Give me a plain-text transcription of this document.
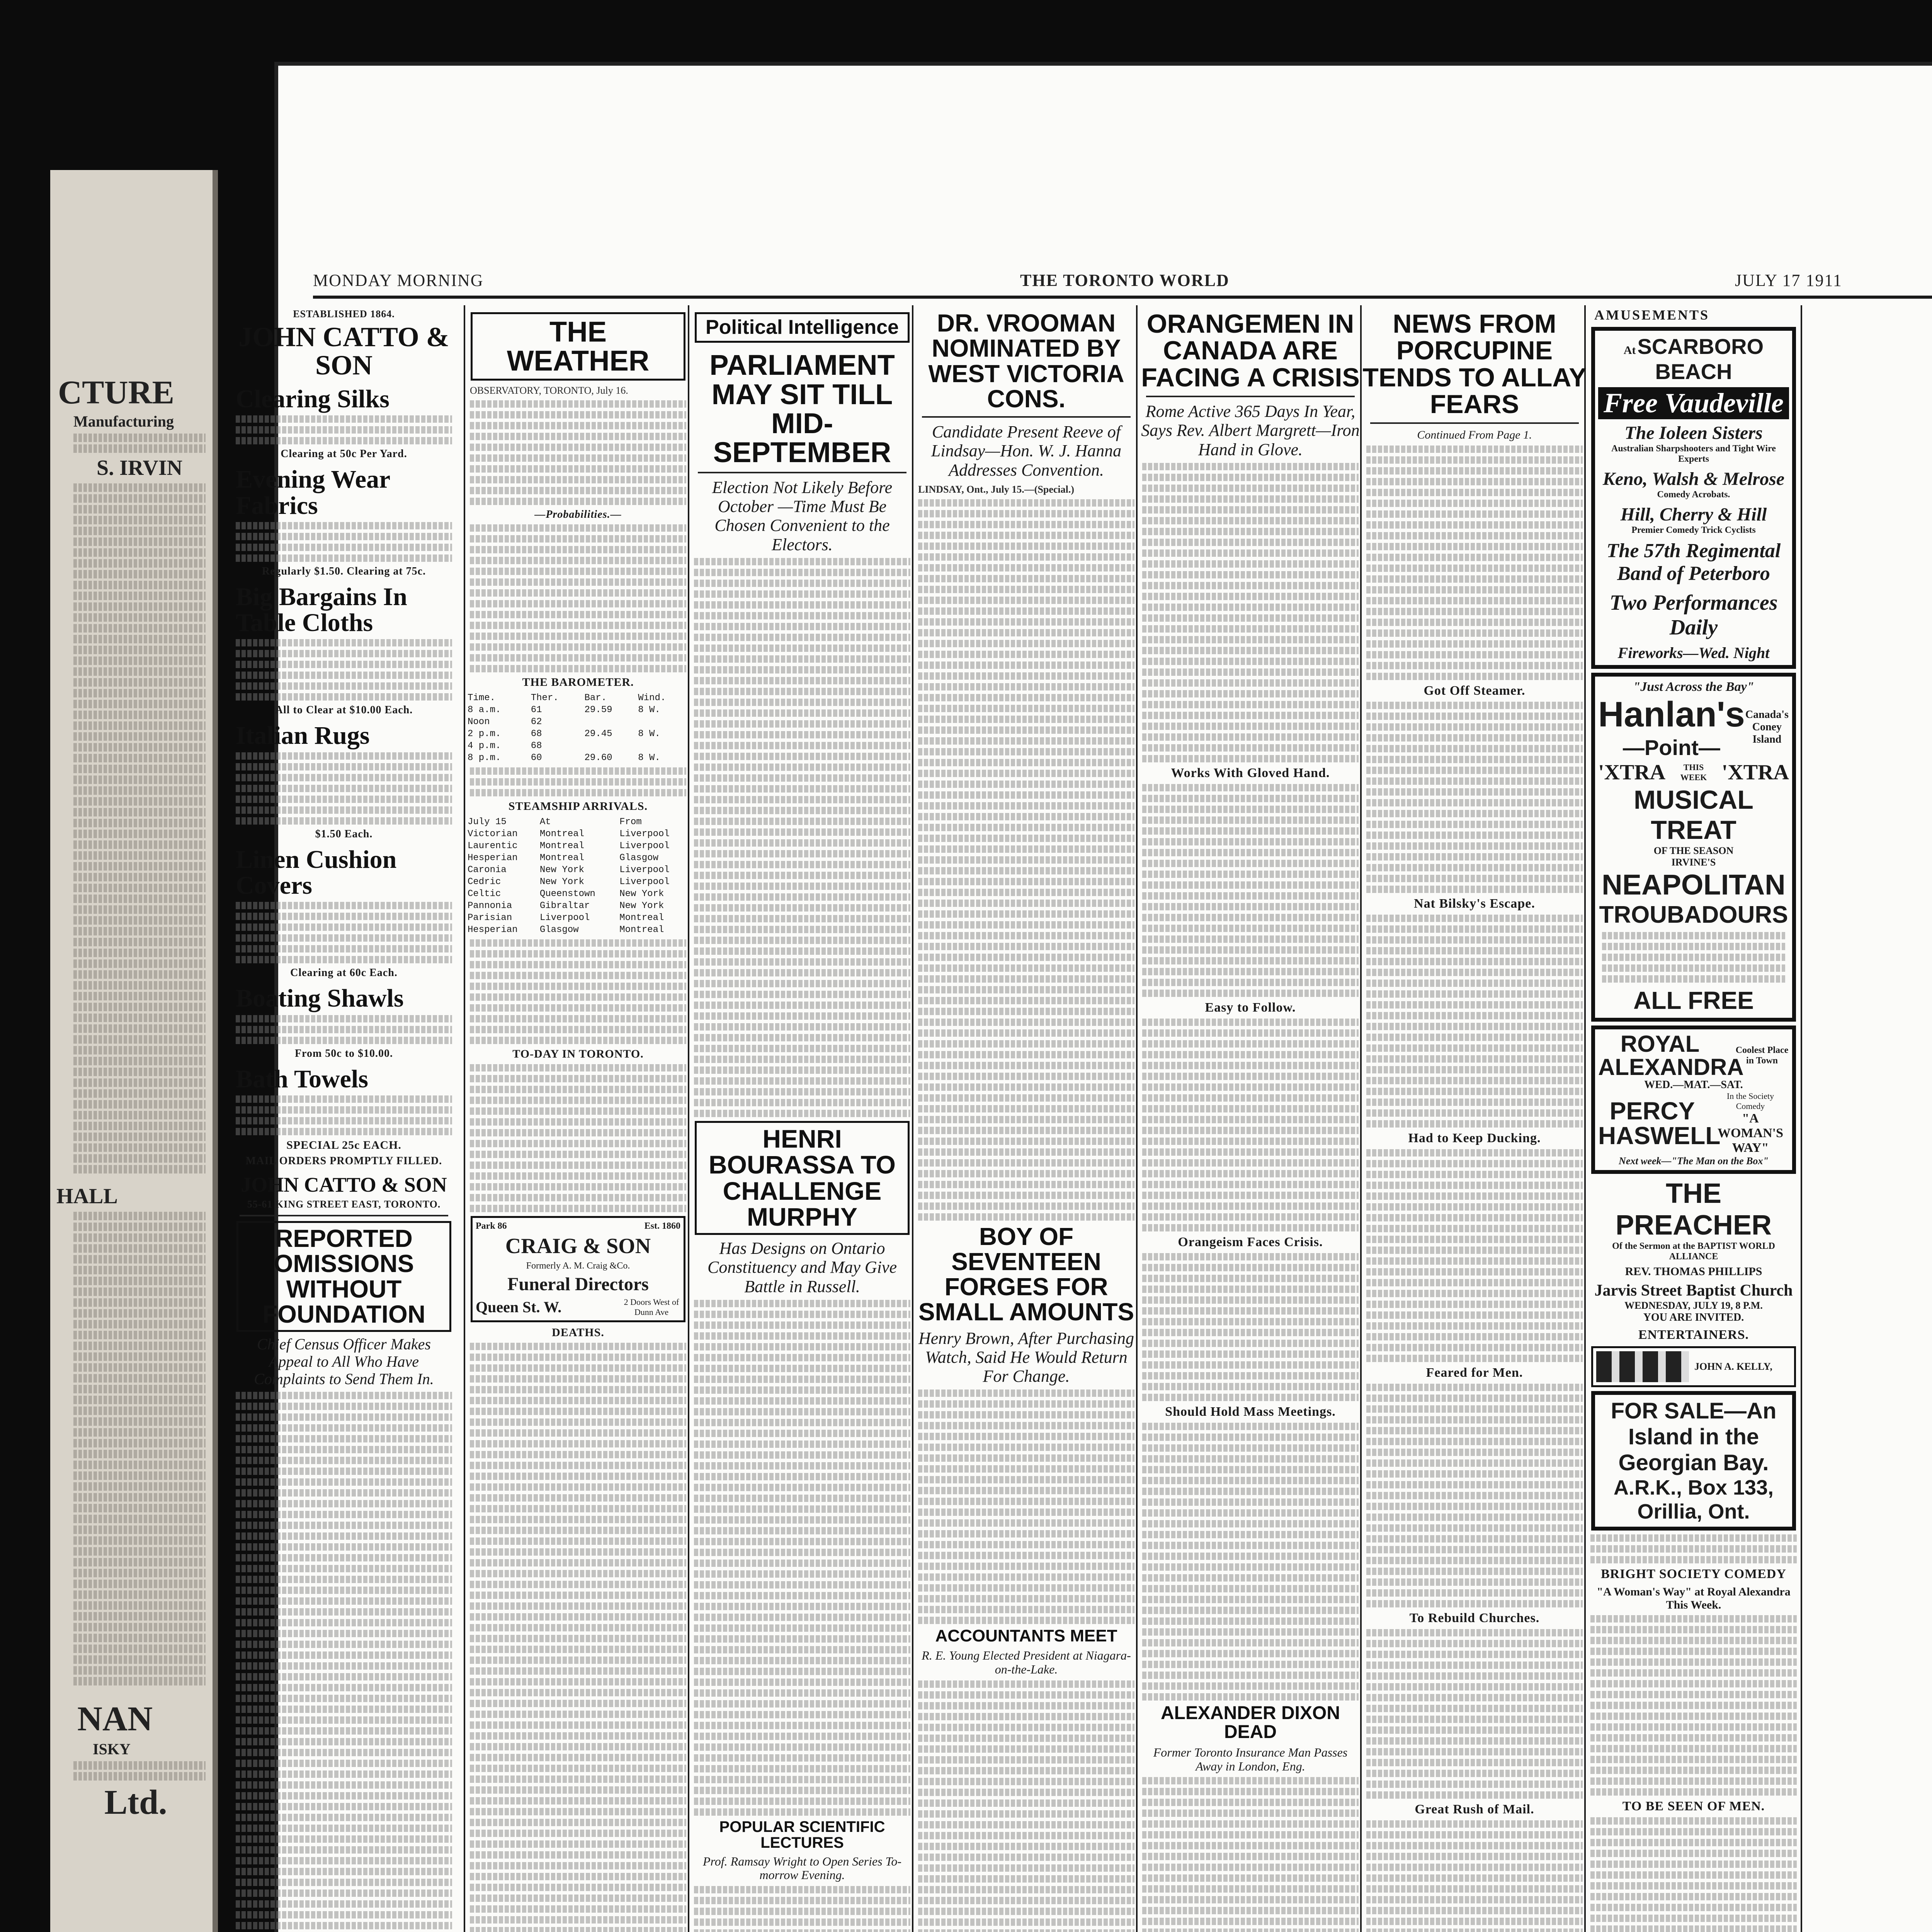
CTURE
Manufacturing
S. IRVIN
HALL
NAN
ISKY
Ltd.
MONDAY MORNING	THE TORONTO WORLD	JULY 17 1911
ESTABLISHED 1864.
JOHN CATTO & SON
Clearing Silks
Clearing at 50c Per Yard.
Evening Wear Fabrics
Regularly $1.50. Clearing at 75c.
Big Bargains In Table Cloths
All to Clear at $10.00 Each.
Italian Rugs
$1.50 Each.
Linen Cushion Covers
Clearing at 60c Each.
Boating Shawls
From 50c to $10.00.
Bath Towels
SPECIAL 25c EACH.
MAIL ORDERS PROMPTLY FILLED.
JOHN CATTO & SON
55-61 KING STREET EAST, TORONTO.
REPORTED OMISSIONS WITHOUT FOUNDATION
Chief Census Officer Makes Appeal to All Who Have Complaints to Send Them In.
THE WEATHER
OBSERVATORY, TORONTO, July 16.
—Probabilities.—
THE BAROMETER.
Time.	Ther.	Bar.	Wind.
8 a.m.	61	29.59	8 W.
Noon	62		
2 p.m.	68	29.45	8 W.
4 p.m.	68		
8 p.m.	60	29.60	8 W.
STEAMSHIP ARRIVALS.
July 15	At	From
Victorian	Montreal	Liverpool
Laurentic	Montreal	Liverpool
Hesperian	Montreal	Glasgow
Caronia	New York	Liverpool
Cedric	New York	Liverpool
Celtic	Queenstown	New York
Pannonia	Gibraltar	New York
Parisian	Liverpool	Montreal
Hesperian	Glasgow	Montreal
TO-DAY IN TORONTO.
Park 86	Est. 1860
CRAIG & SON
Formerly A. M. Craig &Co.
Funeral Directors
Queen St. W.	2 Doors West of Dunn Ave
DEATHS.
Political Intelligence
PARLIAMENT MAY SIT TILL MID-SEPTEMBER
Election Not Likely Before October —Time Must Be Chosen Convenient to the Electors.
HENRI BOURASSA TO CHALLENGE MURPHY
Has Designs on Ontario Constituency and May Give Battle in Russell.
POPULAR SCIENTIFIC LECTURES
Prof. Ramsay Wright to Open Series To-morrow Evening.
DR. VROOMAN NOMINATED BY WEST VICTORIA CONS.
Candidate Present Reeve of Lindsay—Hon. W. J. Hanna Addresses Convention.
LINDSAY, Ont., July 15.—(Special.)
BOY OF SEVENTEEN FORGES FOR SMALL AMOUNTS
Henry Brown, After Purchasing Watch, Said He Would Return For Change.
ACCOUNTANTS MEET
R. E. Young Elected President at Niagara-on-the-Lake.
ORANGEMEN IN CANADA ARE FACING A CRISIS
Rome Active 365 Days In Year, Says Rev. Albert Margrett—Iron Hand in Glove.
Works With Gloved Hand.
Easy to Follow.
Orangeism Faces Crisis.
Should Hold Mass Meetings.
ALEXANDER DIXON DEAD
Former Toronto Insurance Man Passes Away in London, Eng.
NEWS FROM PORCUPINE TENDS TO ALLAY FEARS
Continued From Page 1.
Got Off Steamer.
Nat Bilsky's Escape.
Had to Keep Ducking.
Feared for Men.
To Rebuild Churches.
Great Rush of Mail.
AMUSEMENTS
At SCARBORO BEACH
Free Vaudeville
The Ioleen Sisters
Australian Sharpshooters and Tight Wire Experts
Keno, Walsh & Melrose
Comedy Acrobats.
Hill, Cherry & Hill
Premier Comedy Trick Cyclists
The 57th Regimental
Band of Peterboro
Two Performances Daily
Fireworks—Wed. Night
"Just Across the Bay"
Hanlan's
—Point—
Canada's Coney Island
'XTRA	THIS WEEK 'XTRA
MUSICAL TREAT
OF THE SEASON
IRVINE'S
NEAPOLITAN
TROUBADOURS
ALL FREE
ROYAL ALEXANDRA
Coolest Place in Town
WED.—MAT.—SAT.
PERCY HASWELL
In the Society Comedy
"A WOMAN'S WAY"
Next week—"The Man on the Box"
THE PREACHER
Of the Sermon at the BAPTIST WORLD ALLIANCE
REV. THOMAS PHILLIPS
Jarvis Street Baptist Church
WEDNESDAY, JULY 19, 8 P.M.
YOU ARE INVITED.
ENTERTAINERS.
JOHN A. KELLY,
FOR SALE—An Island in the Georgian Bay.
A.R.K., Box 133,
Orillia, Ont.
BRIGHT SOCIETY COMEDY
"A Woman's Way" at Royal Alexandra This Week.
TO BE SEEN OF MEN.
